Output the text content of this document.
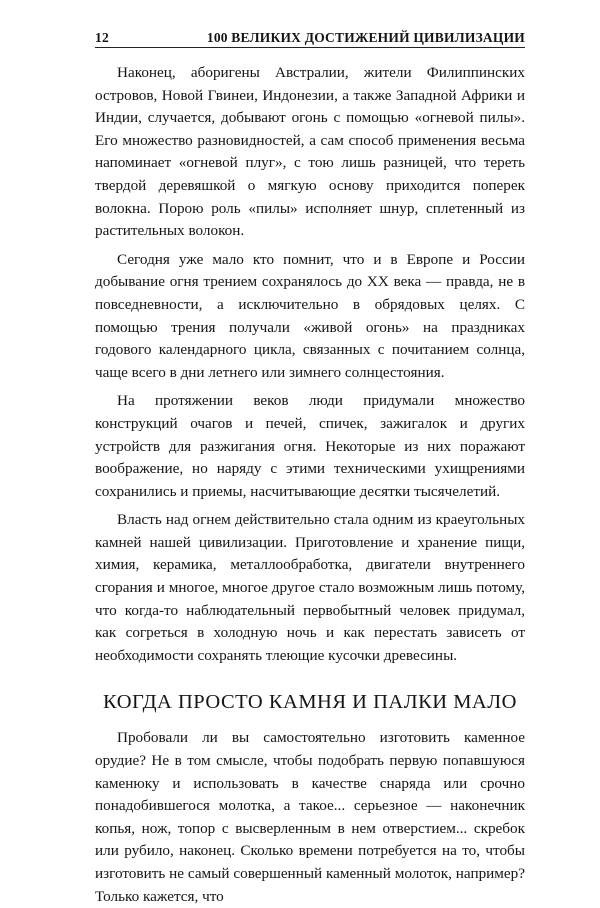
12	100 ВЕЛИКИХ ДОСТИЖЕНИЙ ЦИВИЛИЗАЦИИ

Наконец, аборигены Австралии, жители Филиппинских островов, Новой Гвинеи, Индонезии, а также Западной Африки и Индии, случается, добывают огонь с помощью «огневой пилы». Его множество разновидностей, а сам способ применения весьма напоминает «огневой плуг», с тою лишь разницей, что тереть твердой деревяшкой о мягкую основу приходится поперек волокна. Порою роль «пилы» исполняет шнур, сплетенный из растительных волокон.

Сегодня уже мало кто помнит, что и в Европе и России добывание огня трением сохранялось до XX века — правда, не в повседневности, а исключительно в обрядовых целях. С помощью трения получали «живой огонь» на праздниках годового календарного цикла, связанных с почитанием солнца, чаще всего в дни летнего или зимнего солнцестояния.

На протяжении веков люди придумали множество конструкций очагов и печей, спичек, зажигалок и других устройств для разжигания огня. Некоторые из них поражают воображение, но наряду с этими техническими ухищрениями сохранились и приемы, насчитывающие десятки тысячелетий.

Власть над огнем действительно стала одним из краеугольных камней нашей цивилизации. Приготовление и хранение пищи, химия, керамика, металлообработка, двигатели внутреннего сгорания и многое, многое другое стало возможным лишь потому, что когда-то наблюдательный первобытный человек придумал, как согреться в холодную ночь и как перестать зависеть от необходимости сохранять тлеющие кусочки древесины.

КОГДА ПРОСТО КАМНЯ И ПАЛКИ МАЛО

Пробовали ли вы самостоятельно изготовить каменное орудие? Не в том смысле, чтобы подобрать первую попавшуюся каменюку и использовать в качестве снаряда или срочно понадобившегося молотка, а такое... серьезное — наконечник копья, нож, топор с высверленным в нем отверстием... скребок или рубило, наконец. Сколько времени потребуется на то, чтобы изготовить не самый совершенный каменный молоток, например? Только кажется, что
